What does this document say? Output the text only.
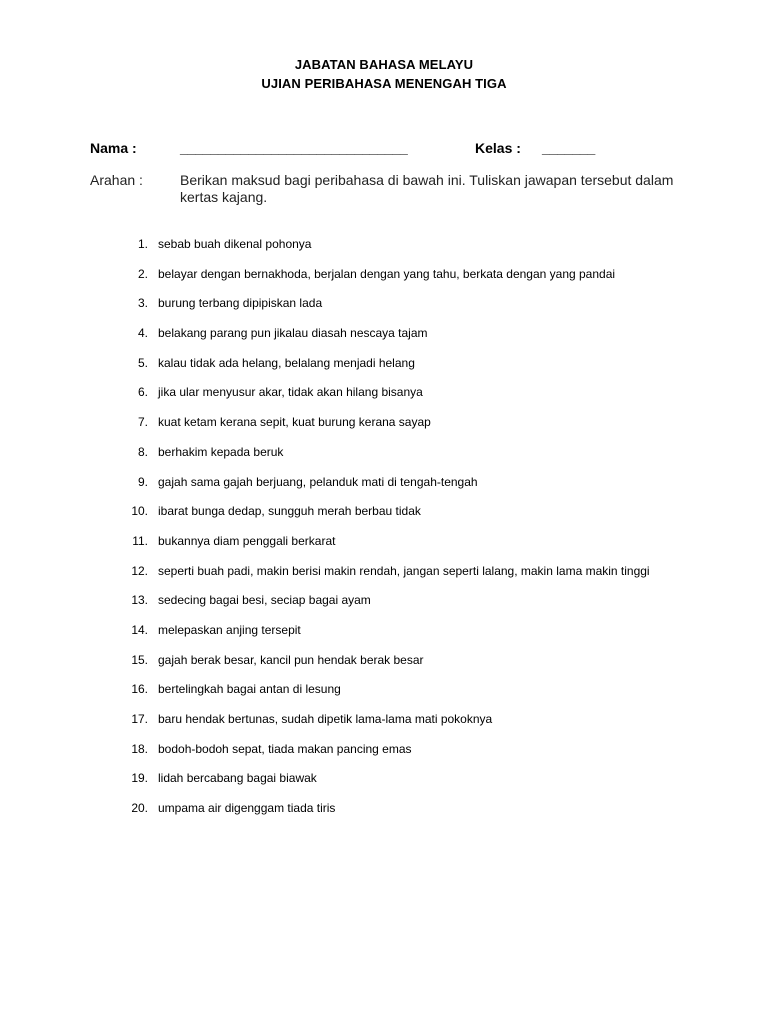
JABATAN BAHASA MELAYU
UJIAN PERIBAHASA MENENGAH TIGA
Nama :	______________________________	Kelas : _______
Arahan :	Berikan maksud bagi peribahasa di bawah ini. Tuliskan jawapan tersebut dalam kertas kajang.
1. sebab buah dikenal pohonya
2. belayar dengan bernakhoda, berjalan dengan yang tahu, berkata dengan yang pandai
3. burung terbang dipipiskan lada
4. belakang parang pun jikalau diasah nescaya tajam
5. kalau tidak ada helang, belalang menjadi helang
6. jika ular menyusur akar, tidak akan hilang bisanya
7. kuat ketam kerana sepit, kuat burung kerana sayap
8. berhakim kepada beruk
9. gajah sama gajah berjuang, pelanduk mati di tengah-tengah
10. ibarat bunga dedap, sungguh merah berbau tidak
11. bukannya diam penggali berkarat
12. seperti buah padi, makin berisi makin rendah, jangan seperti lalang, makin lama makin tinggi
13. sedecing bagai besi, seciap bagai ayam
14. melepaskan anjing tersepit
15. gajah berak besar, kancil pun hendak berak besar
16. bertelingkah bagai antan di lesung
17. baru hendak bertunas, sudah dipetik lama-lama mati pokoknya
18. bodoh-bodoh sepat, tiada makan pancing emas
19. lidah bercabang bagai biawak
20. umpama air digenggam tiada tiris
